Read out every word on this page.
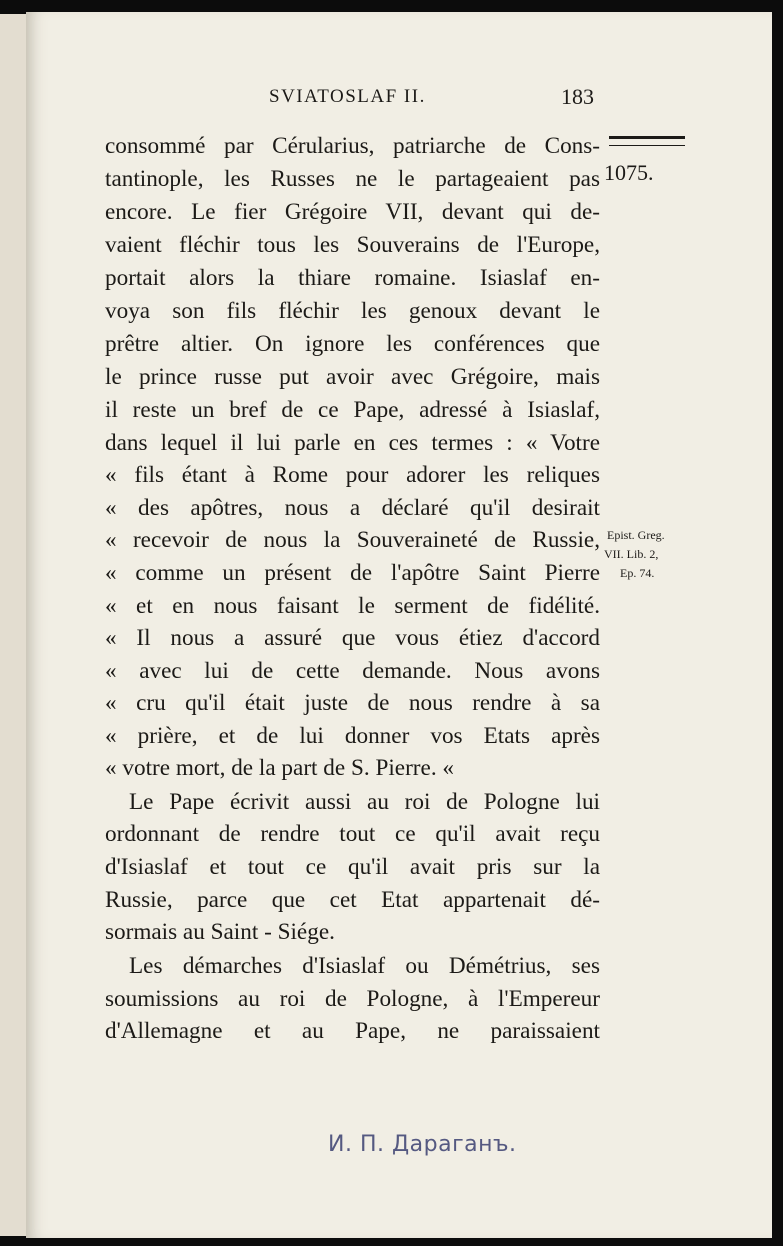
SVIATOSLAF II.	183
1075.
Epist. Greg.
VII. Lib. 2,
Ep. 74.
consommé par Cérularius, patriarche de Cons-
tantinople, les Russes ne le partageaient pas
encore. Le fier Grégoire VII, devant qui de-
vaient fléchir tous les Souverains de l'Europe,
portait alors la thiare romaine. Isiaslaf en-
voya son fils fléchir les genoux devant le
prêtre altier. On ignore les conférences que
le prince russe put avoir avec Grégoire, mais
il reste un bref de ce Pape, adressé à Isiaslaf,
dans lequel il lui parle en ces termes : « Votre
« fils étant à Rome pour adorer les reliques
« des apôtres, nous a déclaré qu'il desirait
« recevoir de nous la Souveraineté de Russie,
« comme un présent de l'apôtre Saint Pierre
« et en nous faisant le serment de fidélité.
« Il nous a assuré que vous étiez d'accord
« avec lui de cette demande. Nous avons
« cru qu'il était juste de nous rendre à sa
« prière, et de lui donner vos Etats après
« votre mort, de la part de S. Pierre. «
Le Pape écrivit aussi au roi de Pologne lui
ordonnant de rendre tout ce qu'il avait reçu
d'Isiaslaf et tout ce qu'il avait pris sur la
Russie, parce que cet Etat appartenait dé-
sormais au Saint - Siége.
Les démarches d'Isiaslaf ou Démétrius, ses
soumissions au roi de Pologne, à l'Empereur
d'Allemagne et au Pape, ne paraissaient
И. П. Дараганъ.
